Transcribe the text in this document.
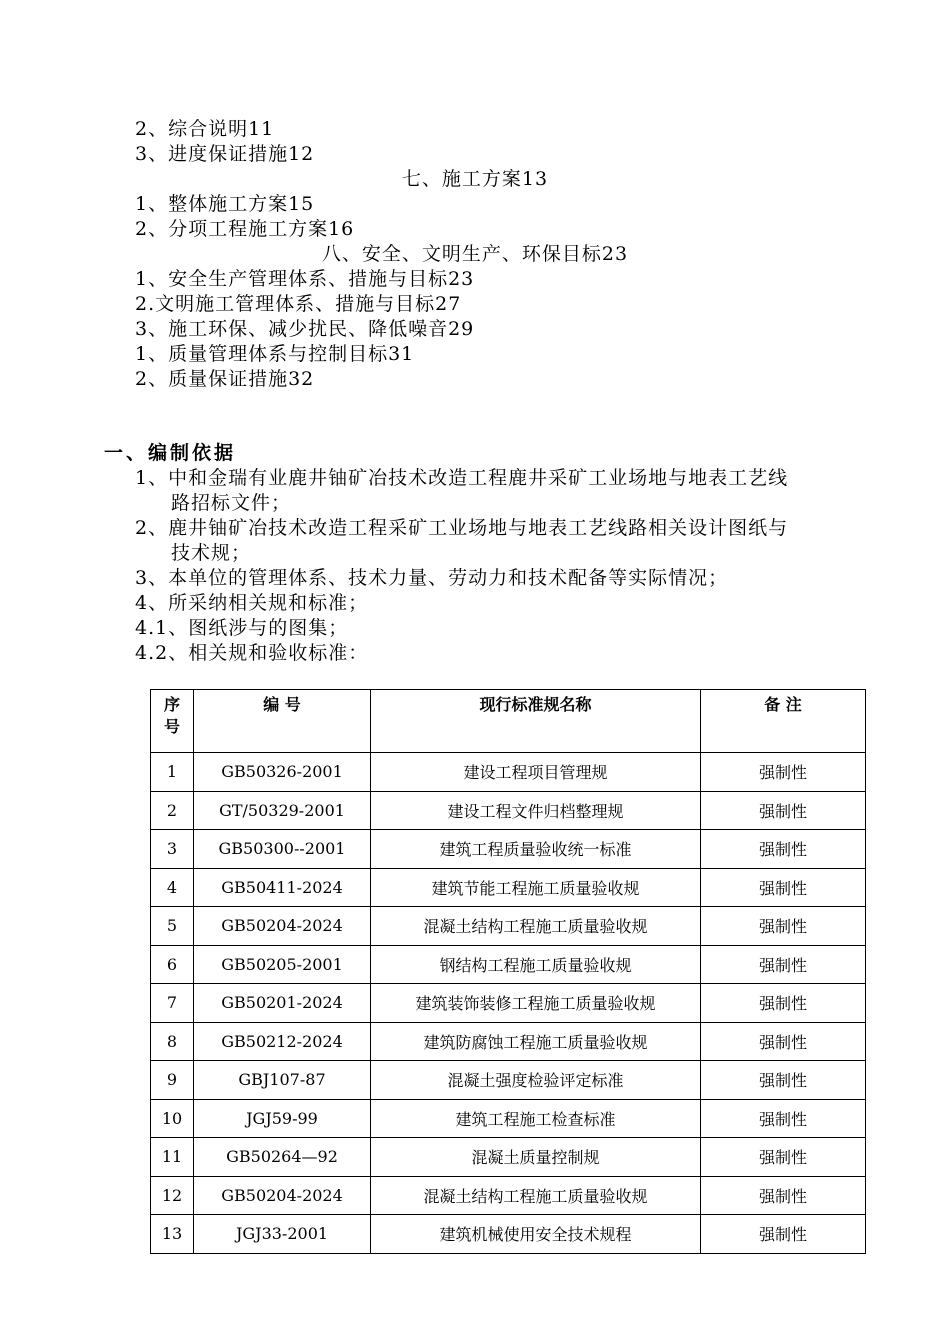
2、综合说明11
3、进度保证措施12
七、施工方案13
1、整体施工方案15
2、分项工程施工方案16
八、安全、文明生产、环保目标23
1、安全生产管理体系、措施与目标23
2.文明施工管理体系、措施与目标27
3、施工环保、减少扰民、降低噪音29
1、质量管理体系与控制目标31
2、质量保证措施32
一、编制依据
1、中和金瑞有业鹿井铀矿冶技术改造工程鹿井采矿工业场地与地表工艺线
路招标文件；
2、鹿井铀矿冶技术改造工程采矿工业场地与地表工艺线路相关设计图纸与
技术规；
3、本单位的管理体系、技术力量、劳动力和技术配备等实际情况；
4、所采纳相关规和标准；
4.1、图纸涉与的图集；
4.2、相关规和验收标准：
序号	编 号	现行标准规名称	备 注
1	GB50326-2001	建设工程项目管理规	强制性
2	GT/50329-2001	建设工程文件归档整理规	强制性
3	GB50300--2001	建筑工程质量验收统一标准	强制性
4	GB50411-2024	建筑节能工程施工质量验收规	强制性
5	GB50204-2024	混凝土结构工程施工质量验收规	强制性
6	GB50205-2001	钢结构工程施工质量验收规	强制性
7	GB50201-2024	建筑装饰装修工程施工质量验收规	强制性
8	GB50212-2024	建筑防腐蚀工程施工质量验收规	强制性
9	GBJ107-87	混凝土强度检验评定标准	强制性
10	JGJ59-99	建筑工程施工检查标准	强制性
11	GB50264—92	混凝土质量控制规	强制性
12	GB50204-2024	混凝土结构工程施工质量验收规	强制性
13	JGJ33-2001	建筑机械使用安全技术规程	强制性
